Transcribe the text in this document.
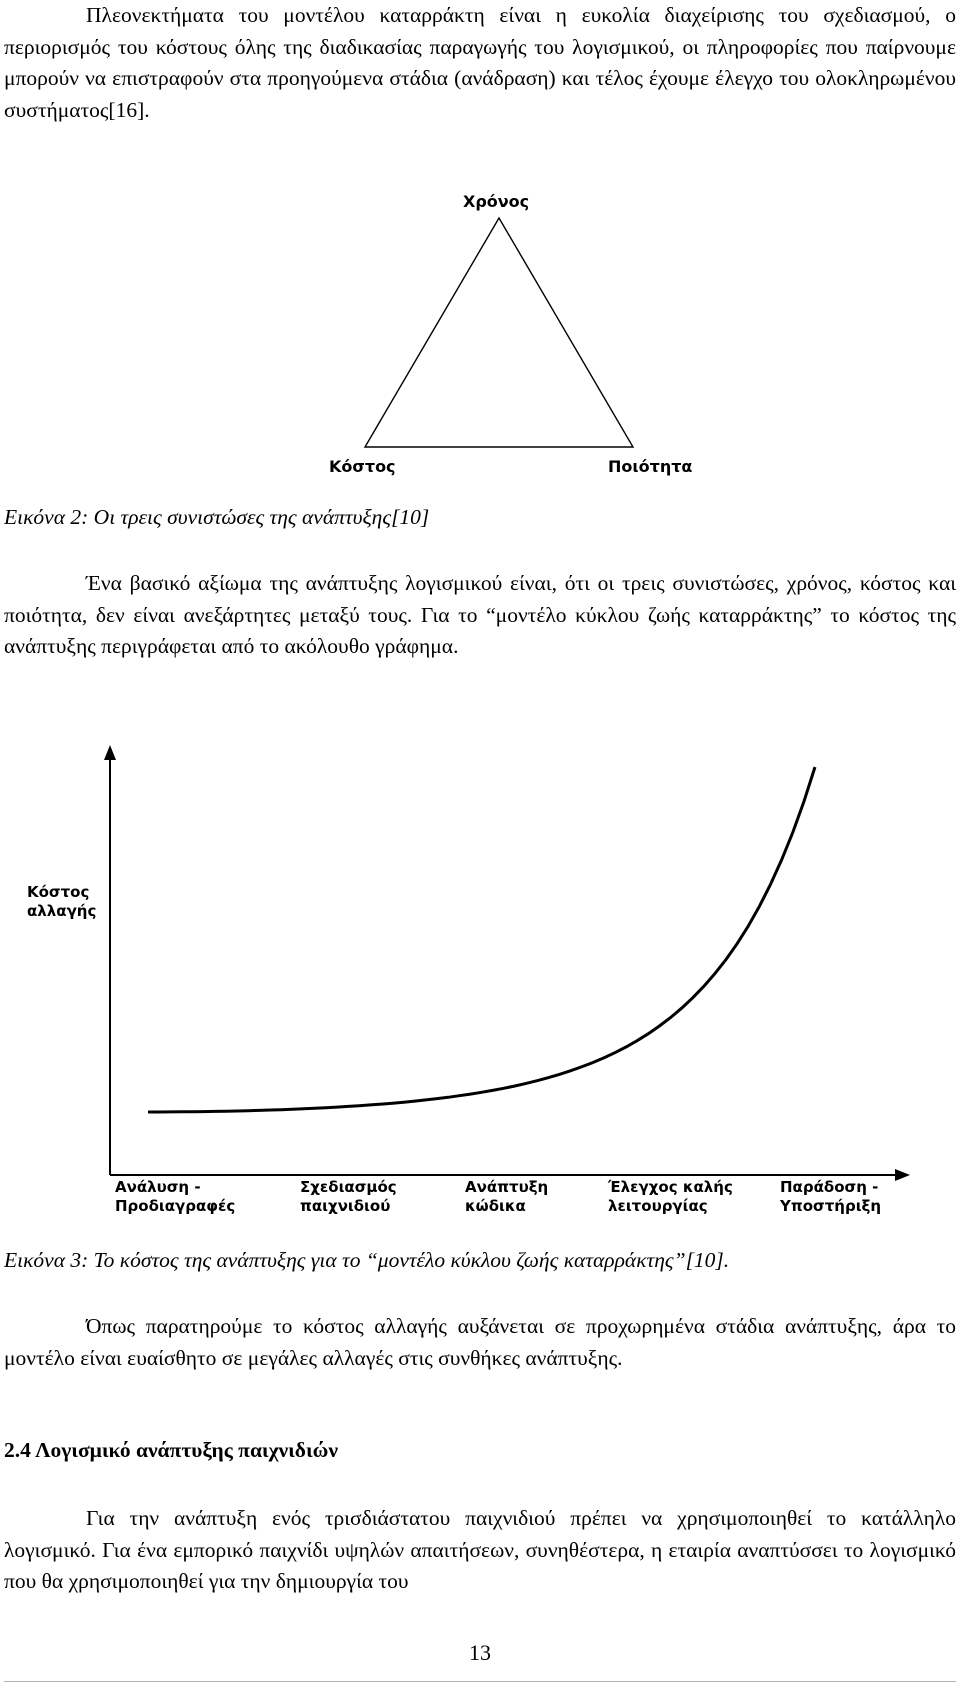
Πλεονεκτήματα του μοντέλου καταρράκτη είναι η ευκολία διαχείρισης του σχεδιασμού, ο περιορισμός του κόστους όλης της διαδικασίας παραγωγής του λογισμικού, οι πληροφορίες που παίρνουμε μπορούν να επιστραφούν στα προηγούμενα στάδια (ανάδραση) και τέλος έχουμε έλεγχο του ολοκληρωμένου συστήματος[16].

Χρόνος
Κόστος	Ποιότητα

Εικόνα 2: Οι τρεις συνιστώσες της ανάπτυξης[10]

Ένα βασικό αξίωμα της ανάπτυξης λογισμικού είναι, ότι οι τρεις συνιστώσες, χρόνος, κόστος και ποιότητα, δεν είναι ανεξάρτητες μεταξύ τους. Για το “μοντέλο κύκλου ζωής καταρράκτης” το κόστος της ανάπτυξης περιγράφεται από το ακόλουθο γράφημα.

Κόστος
αλλαγής
Ανάλυση -
Προδιαγραφές
Σχεδιασμός
παιχνιδιού
Ανάπτυξη
κώδικα
Έλεγχος καλής
λειτουργίας
Παράδοση -
Υποστήριξη

Εικόνα 3: Το κόστος της ανάπτυξης για το “μοντέλο κύκλου ζωής καταρράκτης”[10].

Όπως παρατηρούμε το κόστος αλλαγής αυξάνεται σε προχωρημένα στάδια ανάπτυξης, άρα το μοντέλο είναι ευαίσθητο σε μεγάλες αλλαγές στις συνθήκες ανάπτυξης.

2.4 Λογισμικό ανάπτυξης παιχνιδιών

Για την ανάπτυξη ενός τρισδιάστατου παιχνιδιού πρέπει να χρησιμοποιηθεί το κατάλληλο λογισμικό. Για ένα εμπορικό παιχνίδι υψηλών απαιτήσεων, συνηθέστερα, η εταιρία αναπτύσσει το λογισμικό που θα χρησιμοποιηθεί για την δημιουργία του

13
